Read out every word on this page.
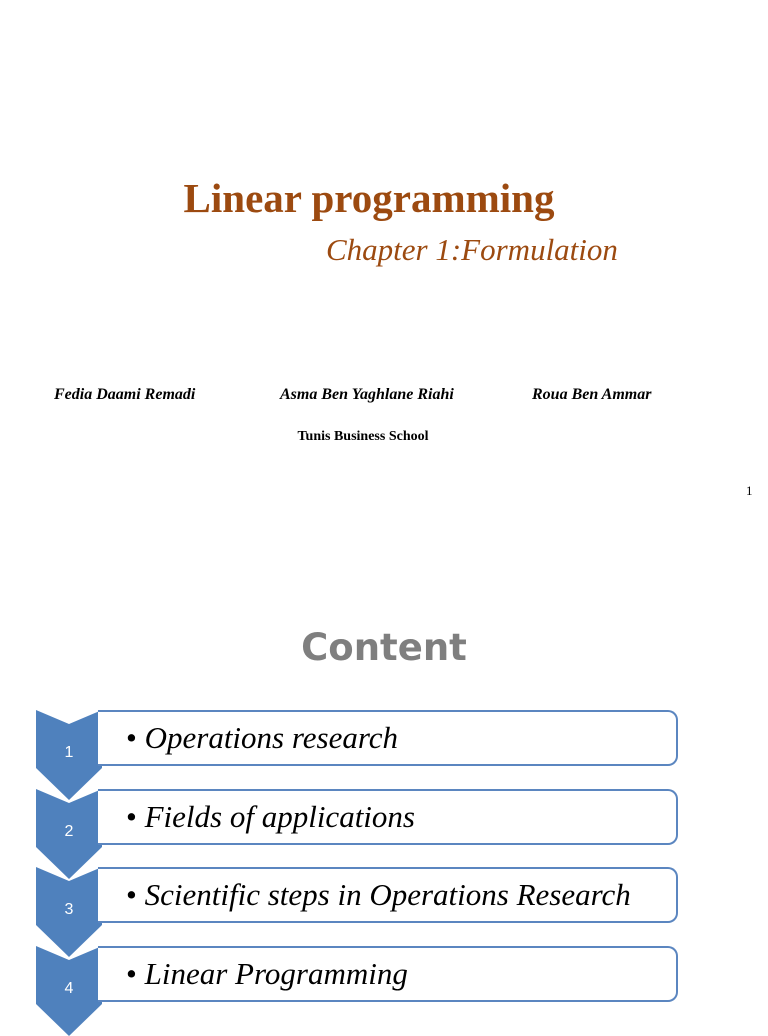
Linear programming
Chapter 1:Formulation
Fedia Daami Remadi	Asma Ben Yaghlane Riahi	Roua Ben Ammar
Tunis Business School
1
Content
1	• Operations research
2	• Fields of applications
3	• Scientific steps in Operations Research
4	• Linear Programming
